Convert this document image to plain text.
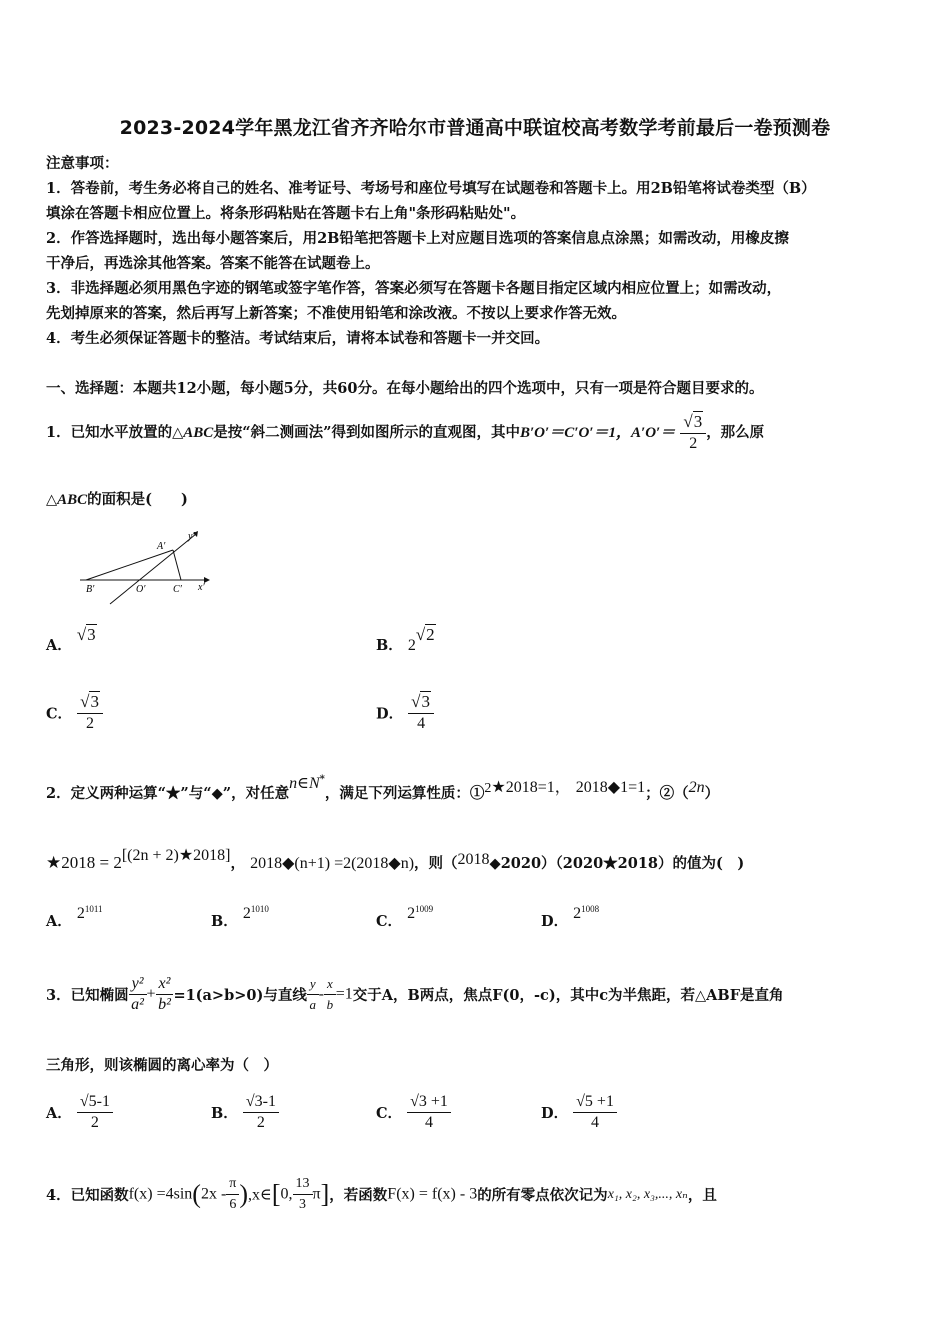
2023-2024学年黑龙江省齐齐哈尔市普通高中联谊校高考数学考前最后一卷预测卷
注意事项：
1．答卷前，考生务必将自己的姓名、准考证号、考场号和座位号填写在试题卷和答题卡上。用2B铅笔将试卷类型（B）
填涂在答题卡相应位置上。将条形码粘贴在答题卡右上角"条形码粘贴处"。
2．作答选择题时，选出每小题答案后，用2B铅笔把答题卡上对应题目选项的答案信息点涂黑；如需改动，用橡皮擦
干净后，再选涂其他答案。答案不能答在试题卷上。
3．非选择题必须用黑色字迹的钢笔或签字笔作答，答案必须写在答题卡各题目指定区域内相应位置上；如需改动，
先划掉原来的答案，然后再写上新答案；不准使用铅笔和涂改液。不按以上要求作答无效。
4．考生必须保证答题卡的整洁。考试结束后，请将本试卷和答题卡一并交回。
一、选择题：本题共12小题，每小题5分，共60分。在每小题给出的四个选项中，只有一项是符合题目要求的。
1．已知水平放置的△ABC是按“斜二测画法”得到如图所示的直观图，其中B′O′＝C′O′＝1，$A'O'= \frac{√3}{2}$ ，那么原
△ABC的面积是(　　)
A′
y′
B′	O′	C′ x′
A． √3
B． 2√2
C． $\frac{√3}{2}$	D． $\frac{√3}{4}$
2．定义两种运算“★”与“◆”，对任意n∈N*，满足下列运算性质：①$^2$★2018=1， 2018◆1=1；②（2n）
★2018 = 2[(2n + 2)★2018]， 2018◆(n+1) =2(2018◆n)，则（2018◆2020）（2020★2018）的值为(　)
A． $2^{1011}$
B． $2^{1010}$
C． $2^{1009}$
D． $2^{1008}$
3．已知椭圆 $\frac{\text{y²}}{\text{a²}} + \frac{\text{x²}}{\text{b²}} =1(a>b>0)$与直线 $\frac{y}{a} - \frac{x}{b} =1$交于A，B两点，焦点F(0，-c)，其中c为半焦距，若△ABF是直角
三角形，则该椭圆的离心率为（　）
A． $\frac{√5-1}{2}$	B． $\frac{√3-1}{2}$	C． $\frac{√3 +1}{4}$	D． $\frac{√5 +1}{4}$
4．已知函数$f(x) =4\sin(2x - \frac{\pi}{6}$ ),x∈[0, $\frac{13}{3} \pi$]，若函数F(x) = f(x) - 3的所有零点依次记为x₁, x₂, x₃,..., xₙ，且
